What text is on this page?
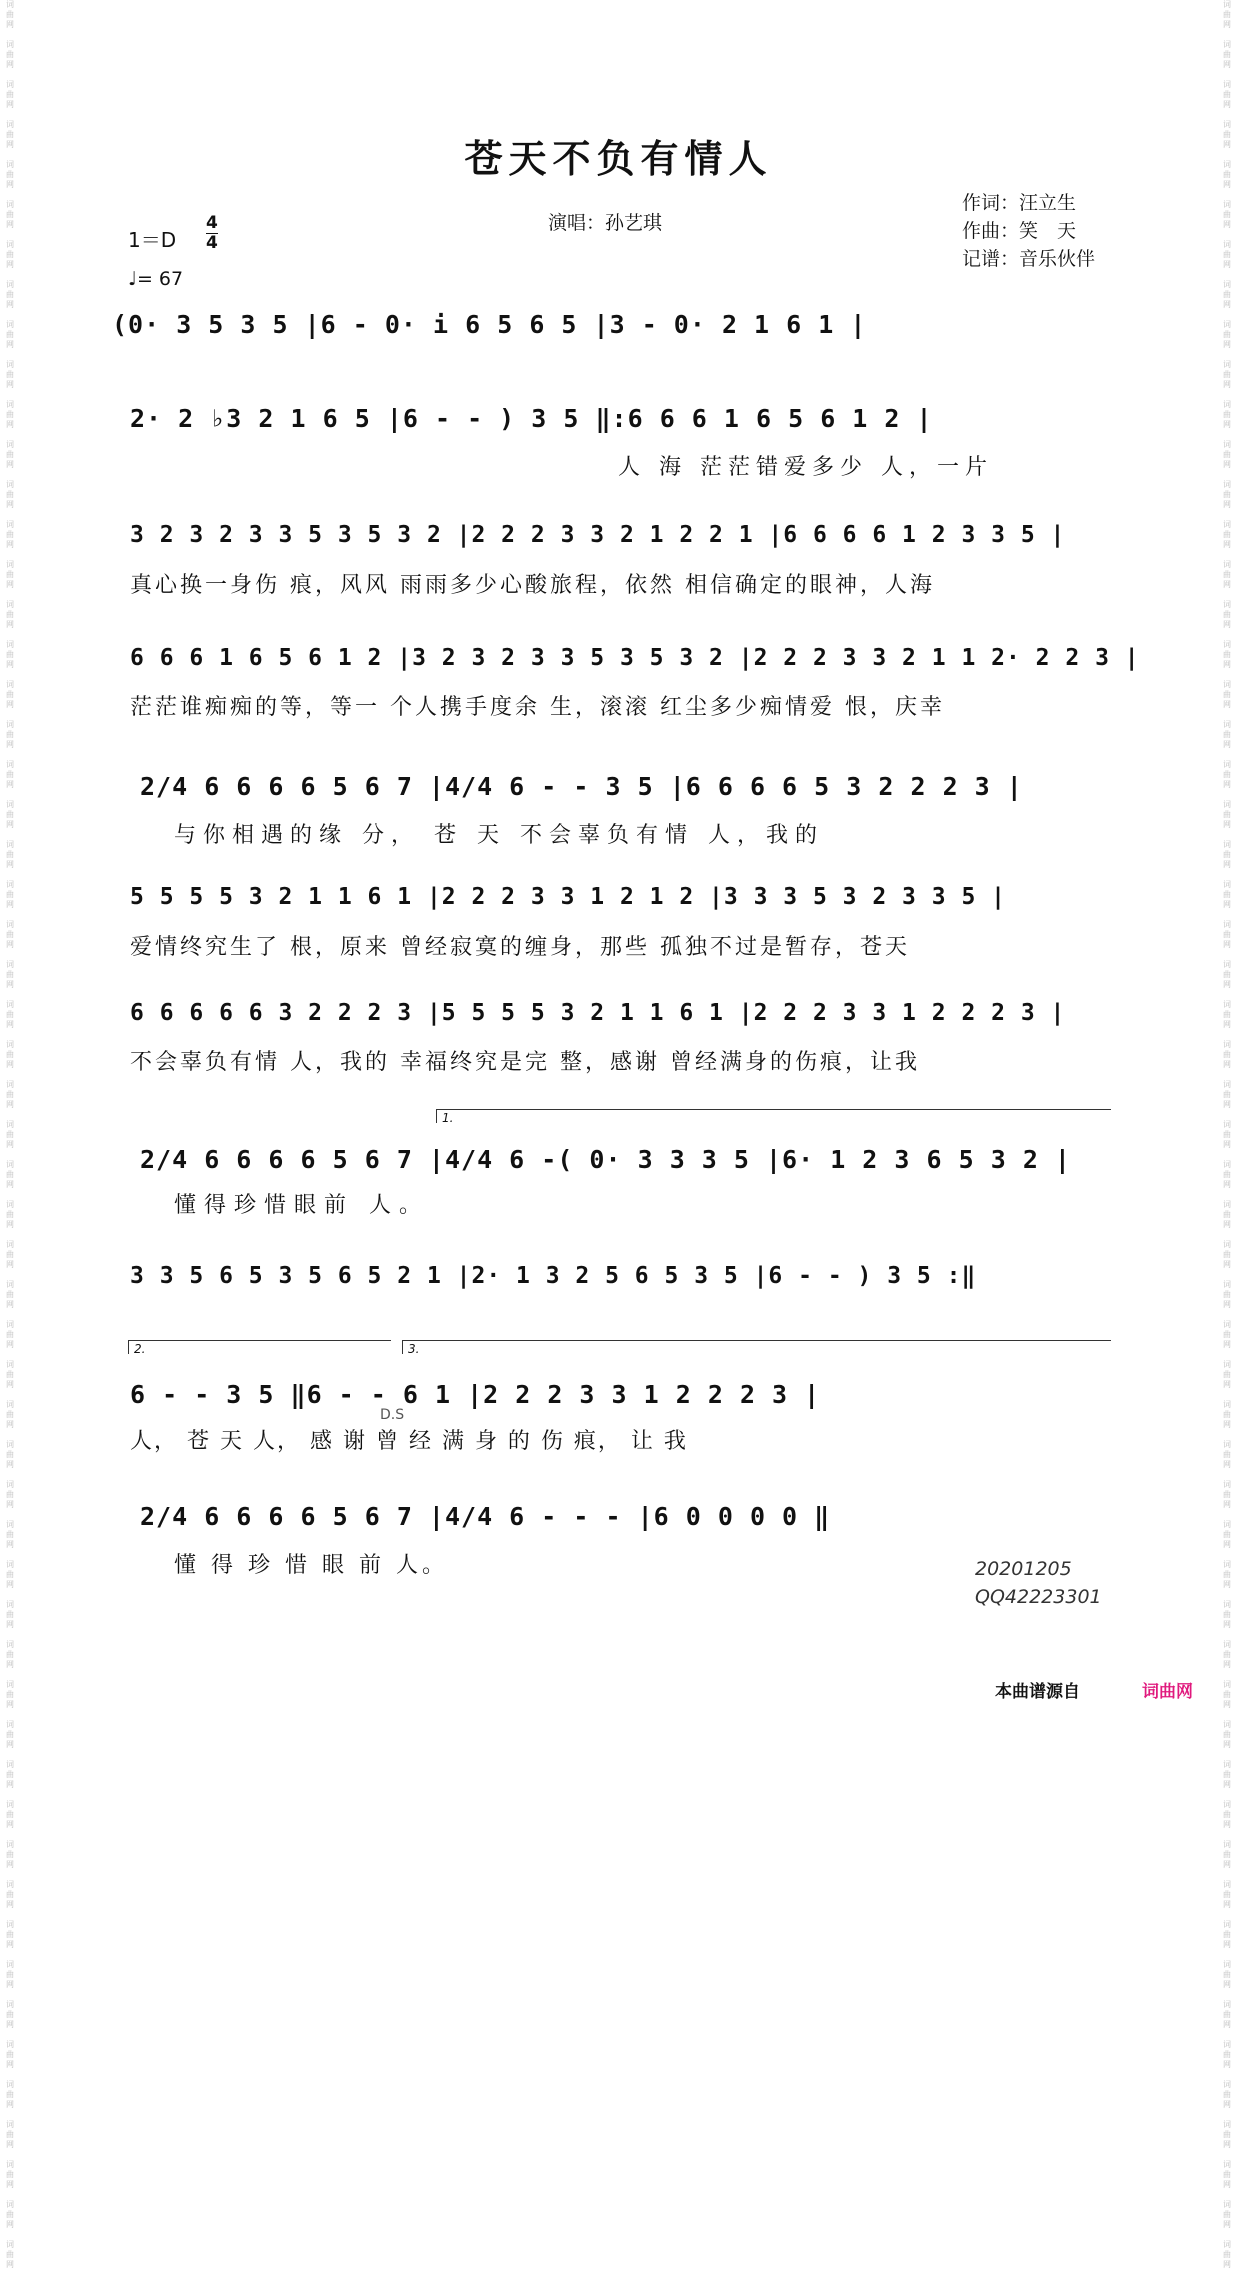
词
曲
网

词
曲
网

词
曲
网

词
曲
网

词
曲
网

词
曲
网

词
曲
网

词
曲
网

词
曲
网

词
曲
网

词
曲
网

词
曲
网

词
曲
网

词
曲
网

词
曲
网

词
曲
网

词
曲
网

词
曲
网

词
曲
网

词
曲
网

词
曲
网

词
曲
网

词
曲
网

词
曲
网

词
曲
网

词
曲
网

词
曲
网

词
曲
网

词
曲
网

词
曲
网

词
曲
网

词
曲
网

词
曲
网

词
曲
网

词
曲
网

词
曲
网

词
曲
网

词
曲
网

词
曲
网

词
曲
网

词
曲
网

词
曲
网

词
曲
网

词
曲
网

词
曲
网

词
曲
网

词
曲
网

词
曲
网

词
曲
网

词
曲
网

词
曲
网

词
曲
网

词
曲
网

词
曲
网

词
曲
网

词
曲
网

词
曲
网

词
曲
网

词
曲
网

词
曲
网

词
曲
网

词
曲
网

词
曲
网

词
曲
网

词
曲
网

词
曲
网

词
曲
网

词
曲
网

词
曲
网

词
曲
网

词
曲
网

词
曲
网

词
曲
网

词
曲
网

词
曲
网

词
曲
网

词
曲
网

词
曲
网

词
曲
网

词
曲
网

词
曲
网

词
曲
网

词
曲
网

词
曲
网

词
曲
网

词
曲
网

词
曲
网

词
曲
网

词
曲
网

词
曲
网

词
曲
网

词
曲
网

词
曲
网

词
曲
网

词
曲
网

词
曲
网

词
曲
网

词
曲
网

词
曲
网

词
曲
网

词
曲
网

词
曲
网

词
曲
网

词
曲
网

词
曲
网

词
曲
网

词
曲
网

词
曲
网

词
曲
网

词
曲
网

词
曲
网

词
曲
网

词
曲
网

词
曲
网

苍天不负有情人
演唱：孙艺琪
作词：汪立生
作曲：笑　天
记谱：音乐伙伴
1＝D
4
4
♩= 67
(0· 3 5 3 5 |6 - 0· i 6 5 6 5 |3 - 0· 2 1 6 1 |
2· 2 ♭3 2 1 6 5 |6 - - ) 3 5 ‖:6 6 6 1 6 5 6 1 2 |
人 海 茫茫错爱多少 人，一片
3 2 3 2 3 3 5 3 5 3 2 |2 2 2 3 3 2 1 2 2 1 |6 6 6 6 1 2 3 3 5 |
真心换一身伤 痕，风风 雨雨多少心酸旅程，依然 相信确定的眼神，人海
6 6 6 1 6 5 6 1 2 |3 2 3 2 3 3 5 3 5 3 2 |2 2 2 3 3 2 1 1 2· 2 2 3 |
茫茫谁痴痴的等，等一 个人携手度余 生，滚滚 红尘多少痴情爱 恨，庆幸
2/4 6 6 6 6 5 6 7 |4/4 6 - - 3 5 |6 6 6 6 5 3 2 2 2 3 |
与你相遇的缘 分， 苍 天 不会辜负有情 人，我的
5 5 5 5 3 2 1 1 6 1 |2 2 2 3 3 1 2 1 2 |3 3 3 5 3 2 3 3 5 |
爱情终究生了 根，原来 曾经寂寞的缠身，那些 孤独不过是暂存，苍天
6 6 6 6 6 3 2 2 2 3 |5 5 5 5 3 2 1 1 6 1 |2 2 2 3 3 1 2 2 2 3 |
不会辜负有情 人，我的 幸福终究是完 整，感谢 曾经满身的伤痕，让我
2/4 6 6 6 6 5 6 7 |4/4 6 -( 0· 3 3 3 5 |6· 1 2 3 6 5 3 2 |
懂得珍惜眼前 人。
3 3 5 6 5 3 5 6 5 2 1 |2· 1 3 2 5 6 5 3 5 |6 - - ) 3 5 :‖
6 - - 3 5 ‖6 - - 6 1 |2 2 2 3 3 1 2 2 2 3 |
人， 苍 天 人， 感 谢 曾 经 满 身 的 伤 痕， 让 我
2/4 6 6 6 6 5 6 7 |4/4 6 - - - |6 0 0 0 0 ‖
懂 得 珍 惜 眼 前 人。
1.
2.	3.
D.S
20201205
QQ42223301
本曲谱源自	词曲网
